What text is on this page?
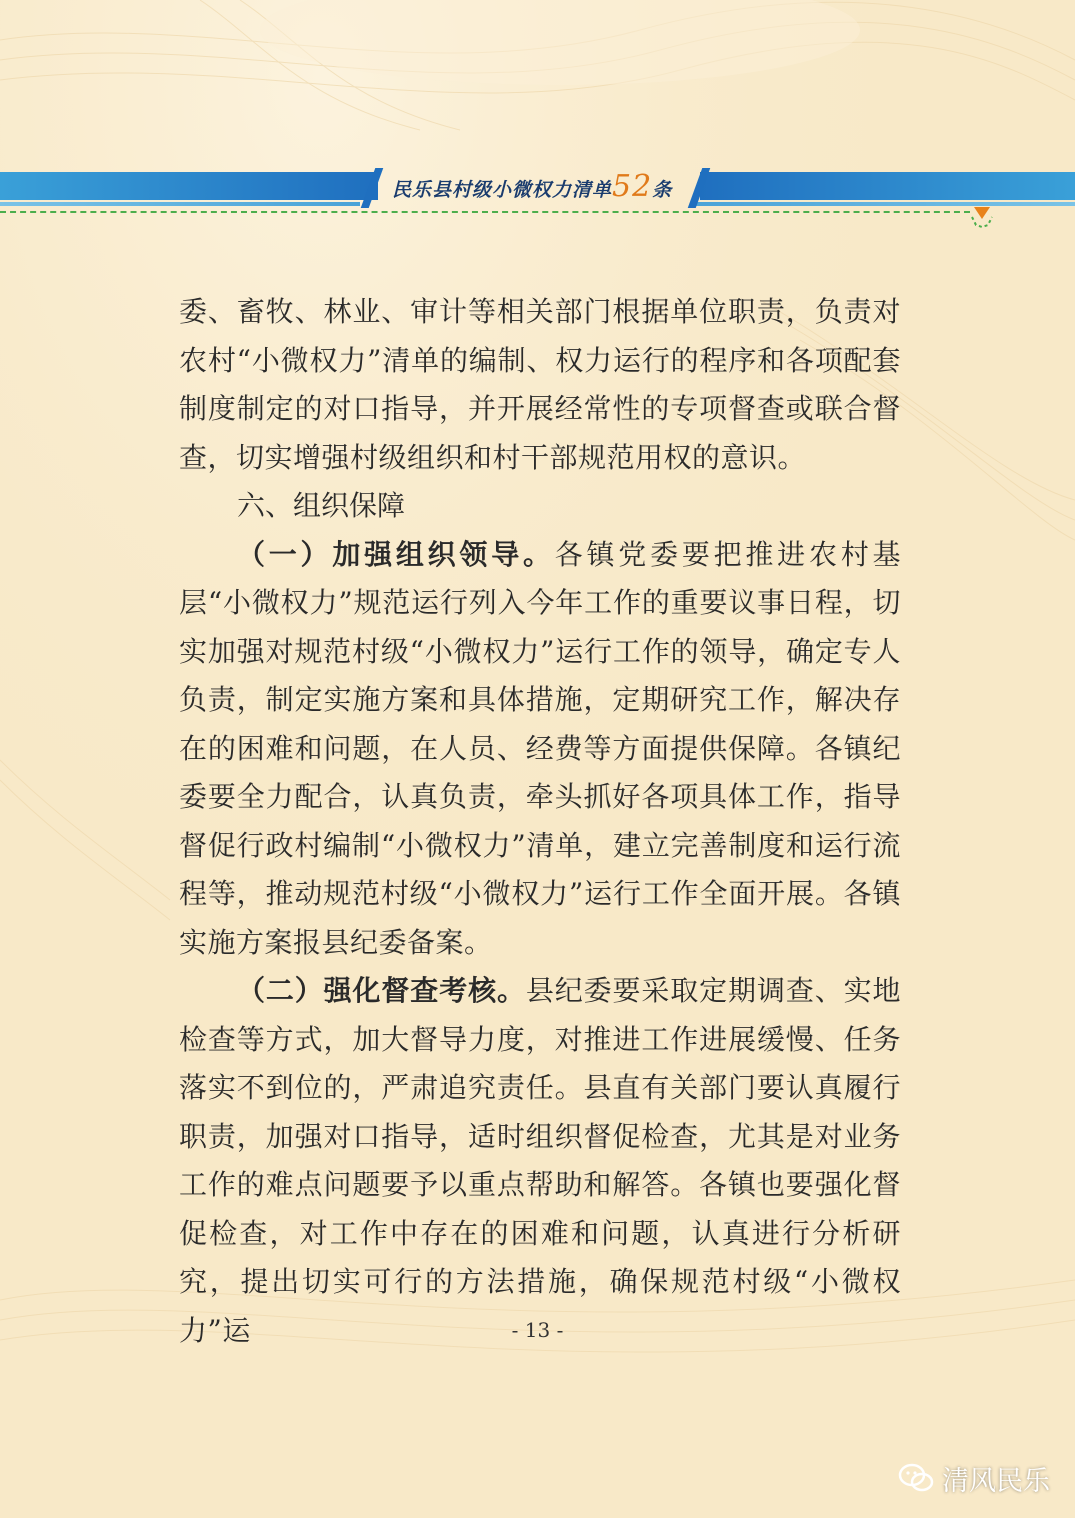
民乐县村级小微权力清单52条

委、畜牧、林业、审计等相关部门根据单位职责，负责对农村“小微权力”清单的编制、权力运行的程序和各项配套制度制定的对口指导，并开展经常性的专项督查或联合督查，切实增强村级组织和村干部规范用权的意识。

六、组织保障

（一）加强组织领导。各镇党委要把推进农村基层“小微权力”规范运行列入今年工作的重要议事日程，切实加强对规范村级“小微权力”运行工作的领导，确定专人负责，制定实施方案和具体措施，定期研究工作，解决存在的困难和问题，在人员、经费等方面提供保障。各镇纪委要全力配合，认真负责，牵头抓好各项具体工作，指导督促行政村编制“小微权力”清单，建立完善制度和运行流程等，推动规范村级“小微权力”运行工作全面开展。各镇实施方案报县纪委备案。

（二）强化督查考核。县纪委要采取定期调查、实地检查等方式，加大督导力度，对推进工作进展缓慢、任务落实不到位的，严肃追究责任。县直有关部门要认真履行职责，加强对口指导，适时组织督促检查，尤其是对业务工作的难点问题要予以重点帮助和解答。各镇也要强化督促检查，对工作中存在的困难和问题，认真进行分析研究，提出切实可行的方法措施，确保规范村级“小微权力”运	- 13 -
清风民乐
